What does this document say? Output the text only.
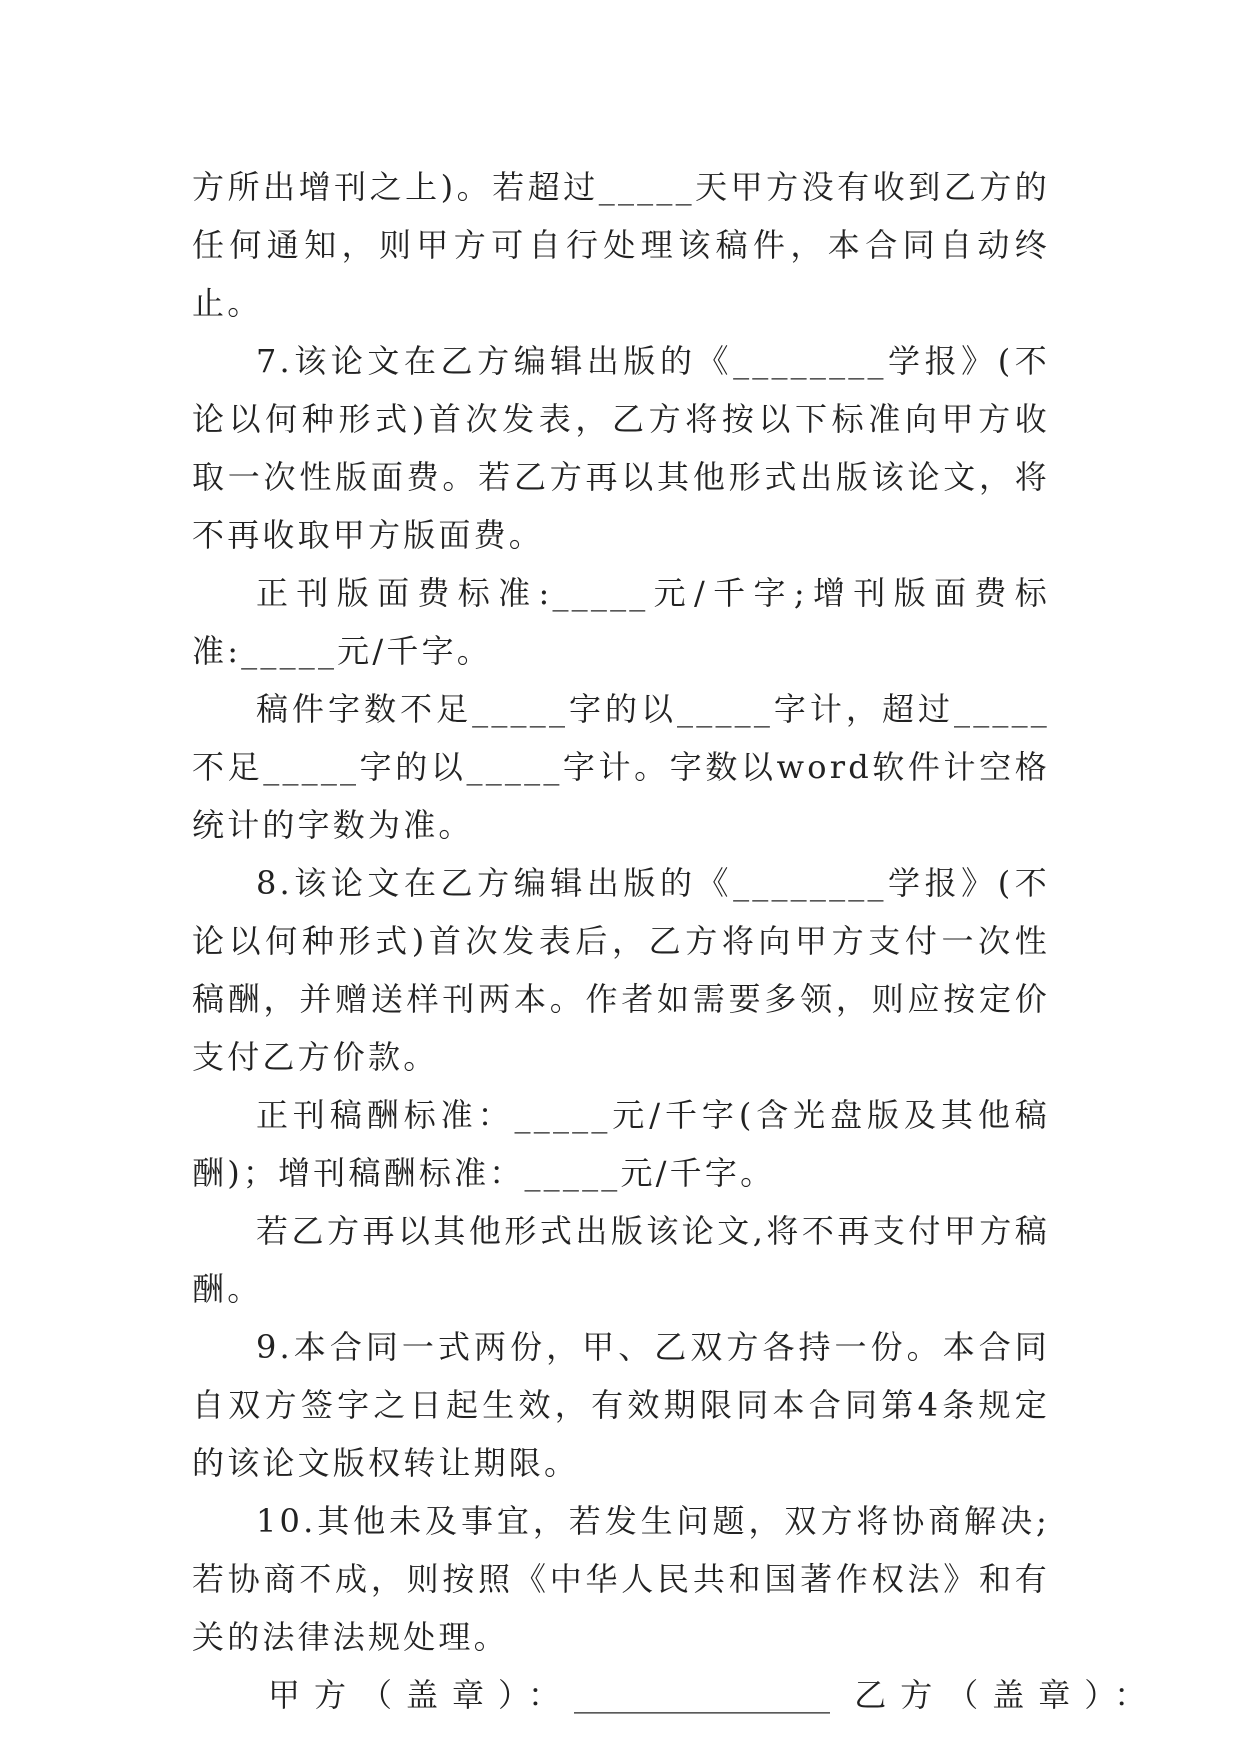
方所出增刊之上)。若超过_____天甲方没有收到乙方的任何通知，则甲方可自行处理该稿件，本合同自动终止。

7.该论文在乙方编辑出版的《________学报》(不论以何种形式)首次发表，乙方将按以下标准向甲方收取一次性版面费。若乙方再以其他形式出版该论文，将不再收取甲方版面费。

正刊版面费标准:_____元/千字;增刊版面费标准:_____元/千字。

稿件字数不足_____字的以_____字计，超过_____不足_____字的以_____字计。字数以word软件计空格统计的字数为准。

8.该论文在乙方编辑出版的《________学报》(不论以何种形式)首次发表后，乙方将向甲方支付一次性稿酬，并赠送样刊两本。作者如需要多领，则应按定价支付乙方价款。

正刊稿酬标准：_____元/千字(含光盘版及其他稿酬)；增刊稿酬标准：_____元/千字。

若乙方再以其他形式出版该论文,将不再支付甲方稿酬。

9.本合同一式两份，甲、乙双方各持一份。本合同自双方签字之日起生效，有效期限同本合同第4条规定的该论文版权转让期限。

10.其他未及事宜，若发生问题，双方将协商解决;若协商不成，则按照《中华人民共和国著作权法》和有关的法律法规处理。

甲方（盖章）：________________ 乙方（盖章）：
